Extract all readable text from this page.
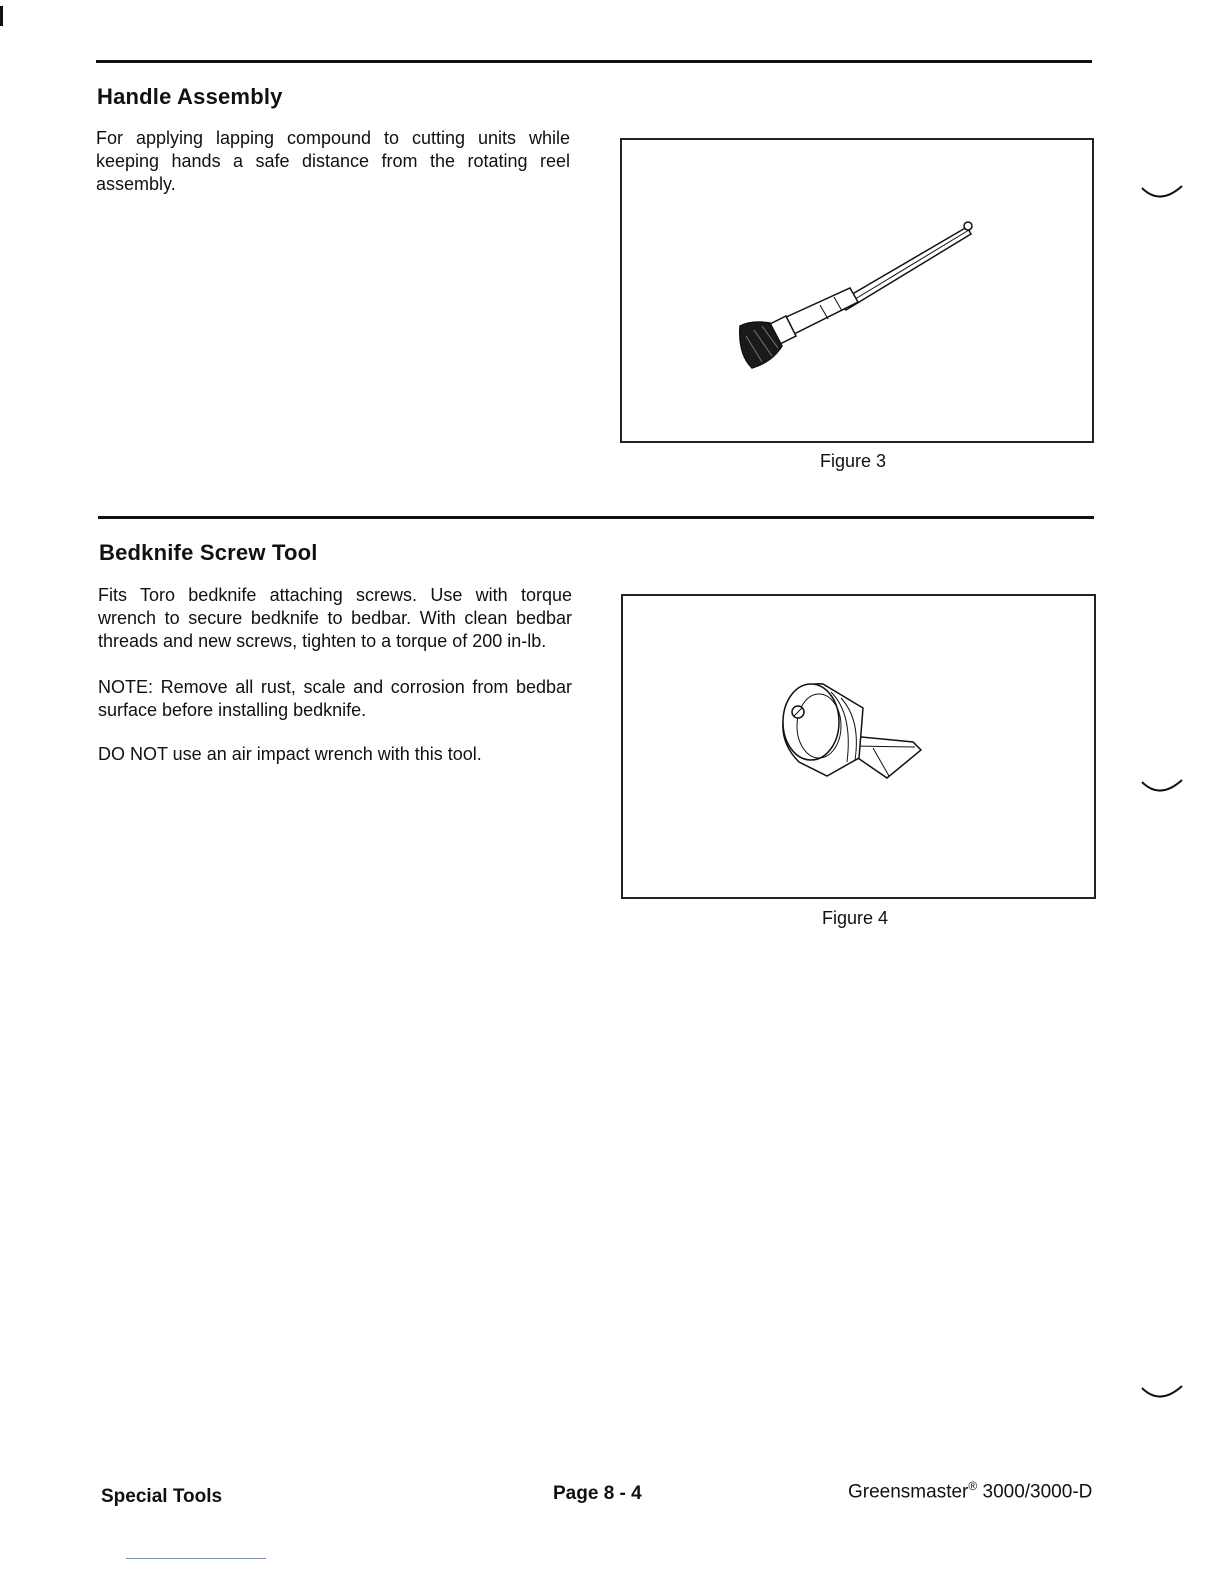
Handle Assembly
For applying lapping compound to cutting units while keeping hands a safe distance from the rotating reel assembly.
Figure 3
Bedknife Screw Tool
Fits Toro bedknife attaching screws. Use with torque wrench to secure bedknife to bedbar. With clean bedbar threads and new screws, tighten to a torque of 200 in-lb.
NOTE: Remove all rust, scale and corrosion from bedbar surface before installing bedknife.
DO NOT use an air impact wrench with this tool.
Figure 4
Special Tools	Page 8 - 4	Greensmaster® 3000/3000-D
